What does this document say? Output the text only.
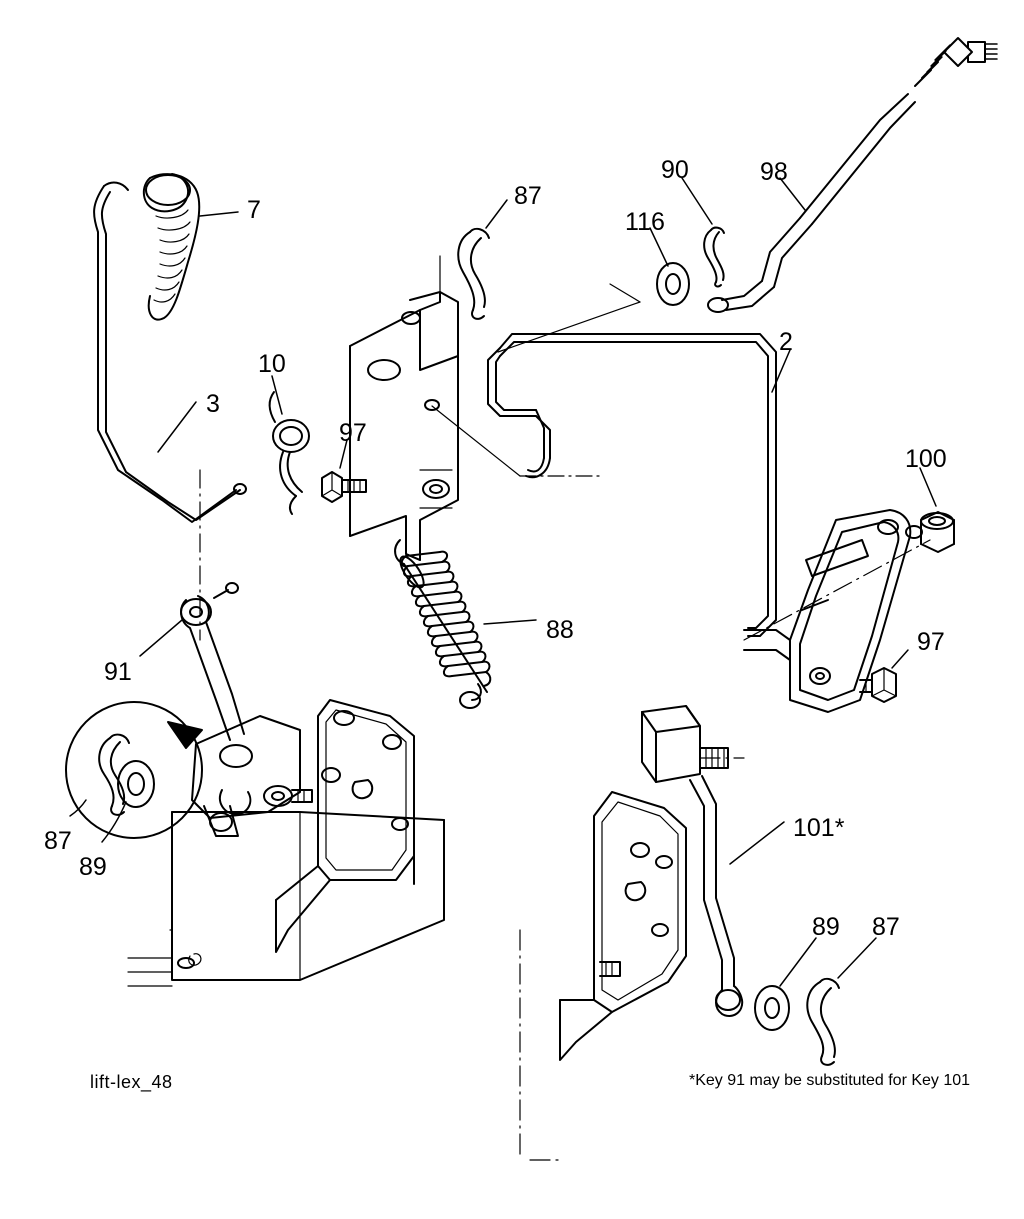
7	87
90	98
116
10
3
97
2
100
88	97
91
87
89
101*
89 87
lift-lex_48	*Key 91 may be substituted for Key 101
